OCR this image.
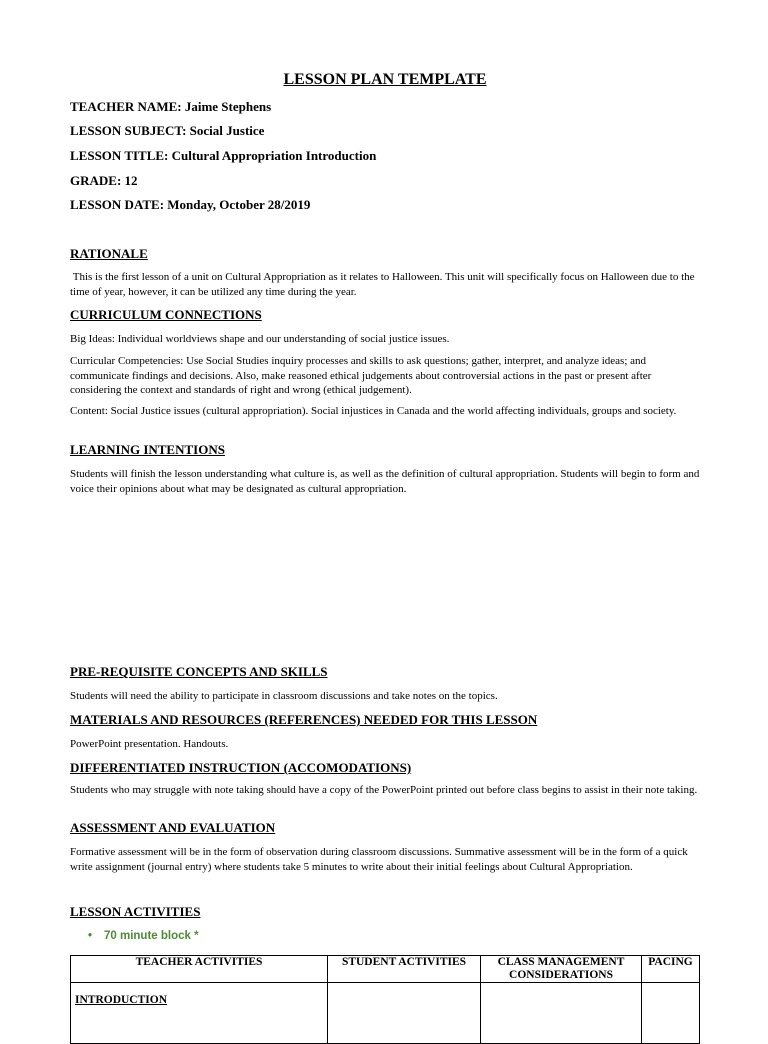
LESSON PLAN TEMPLATE
TEACHER NAME: Jaime Stephens
LESSON SUBJECT: Social Justice
LESSON TITLE: Cultural Appropriation Introduction
GRADE: 12
LESSON DATE: Monday, October 28/2019
RATIONALE
This is the first lesson of a unit on Cultural Appropriation as it relates to Halloween. This unit will specifically focus on Halloween due to the time of year, however, it can be utilized any time during the year.
CURRICULUM CONNECTIONS
Big Ideas: Individual worldviews shape and our understanding of social justice issues.
Curricular Competencies: Use Social Studies inquiry processes and skills to ask questions; gather, interpret, and analyze ideas; and communicate findings and decisions. Also, make reasoned ethical judgements about controversial actions in the past or present after considering the context and standards of right and wrong (ethical judgement).
Content: Social Justice issues (cultural appropriation). Social injustices in Canada and the world affecting individuals, groups and society.
LEARNING INTENTIONS
Students will finish the lesson understanding what culture is, as well as the definition of cultural appropriation. Students will begin to form and voice their opinions about what may be designated as cultural appropriation.
PRE-REQUISITE CONCEPTS AND SKILLS
Students will need the ability to participate in classroom discussions and take notes on the topics.
MATERIALS AND RESOURCES (REFERENCES) NEEDED FOR THIS LESSON
PowerPoint presentation. Handouts.
DIFFERENTIATED INSTRUCTION (ACCOMODATIONS)
Students who may struggle with note taking should have a copy of the PowerPoint printed out before class begins to assist in their note taking.
ASSESSMENT AND EVALUATION
Formative assessment will be in the form of observation during classroom discussions. Summative assessment will be in the form of a quick write assignment (journal entry) where students take 5 minutes to write about their initial feelings about Cultural Appropriation.
LESSON ACTIVITIES
• 70 minute block *
TEACHER ACTIVITIES	STUDENT ACTIVITIES	CLASS MANAGEMENT CONSIDERATIONS	PACING

INTRODUCTION			
